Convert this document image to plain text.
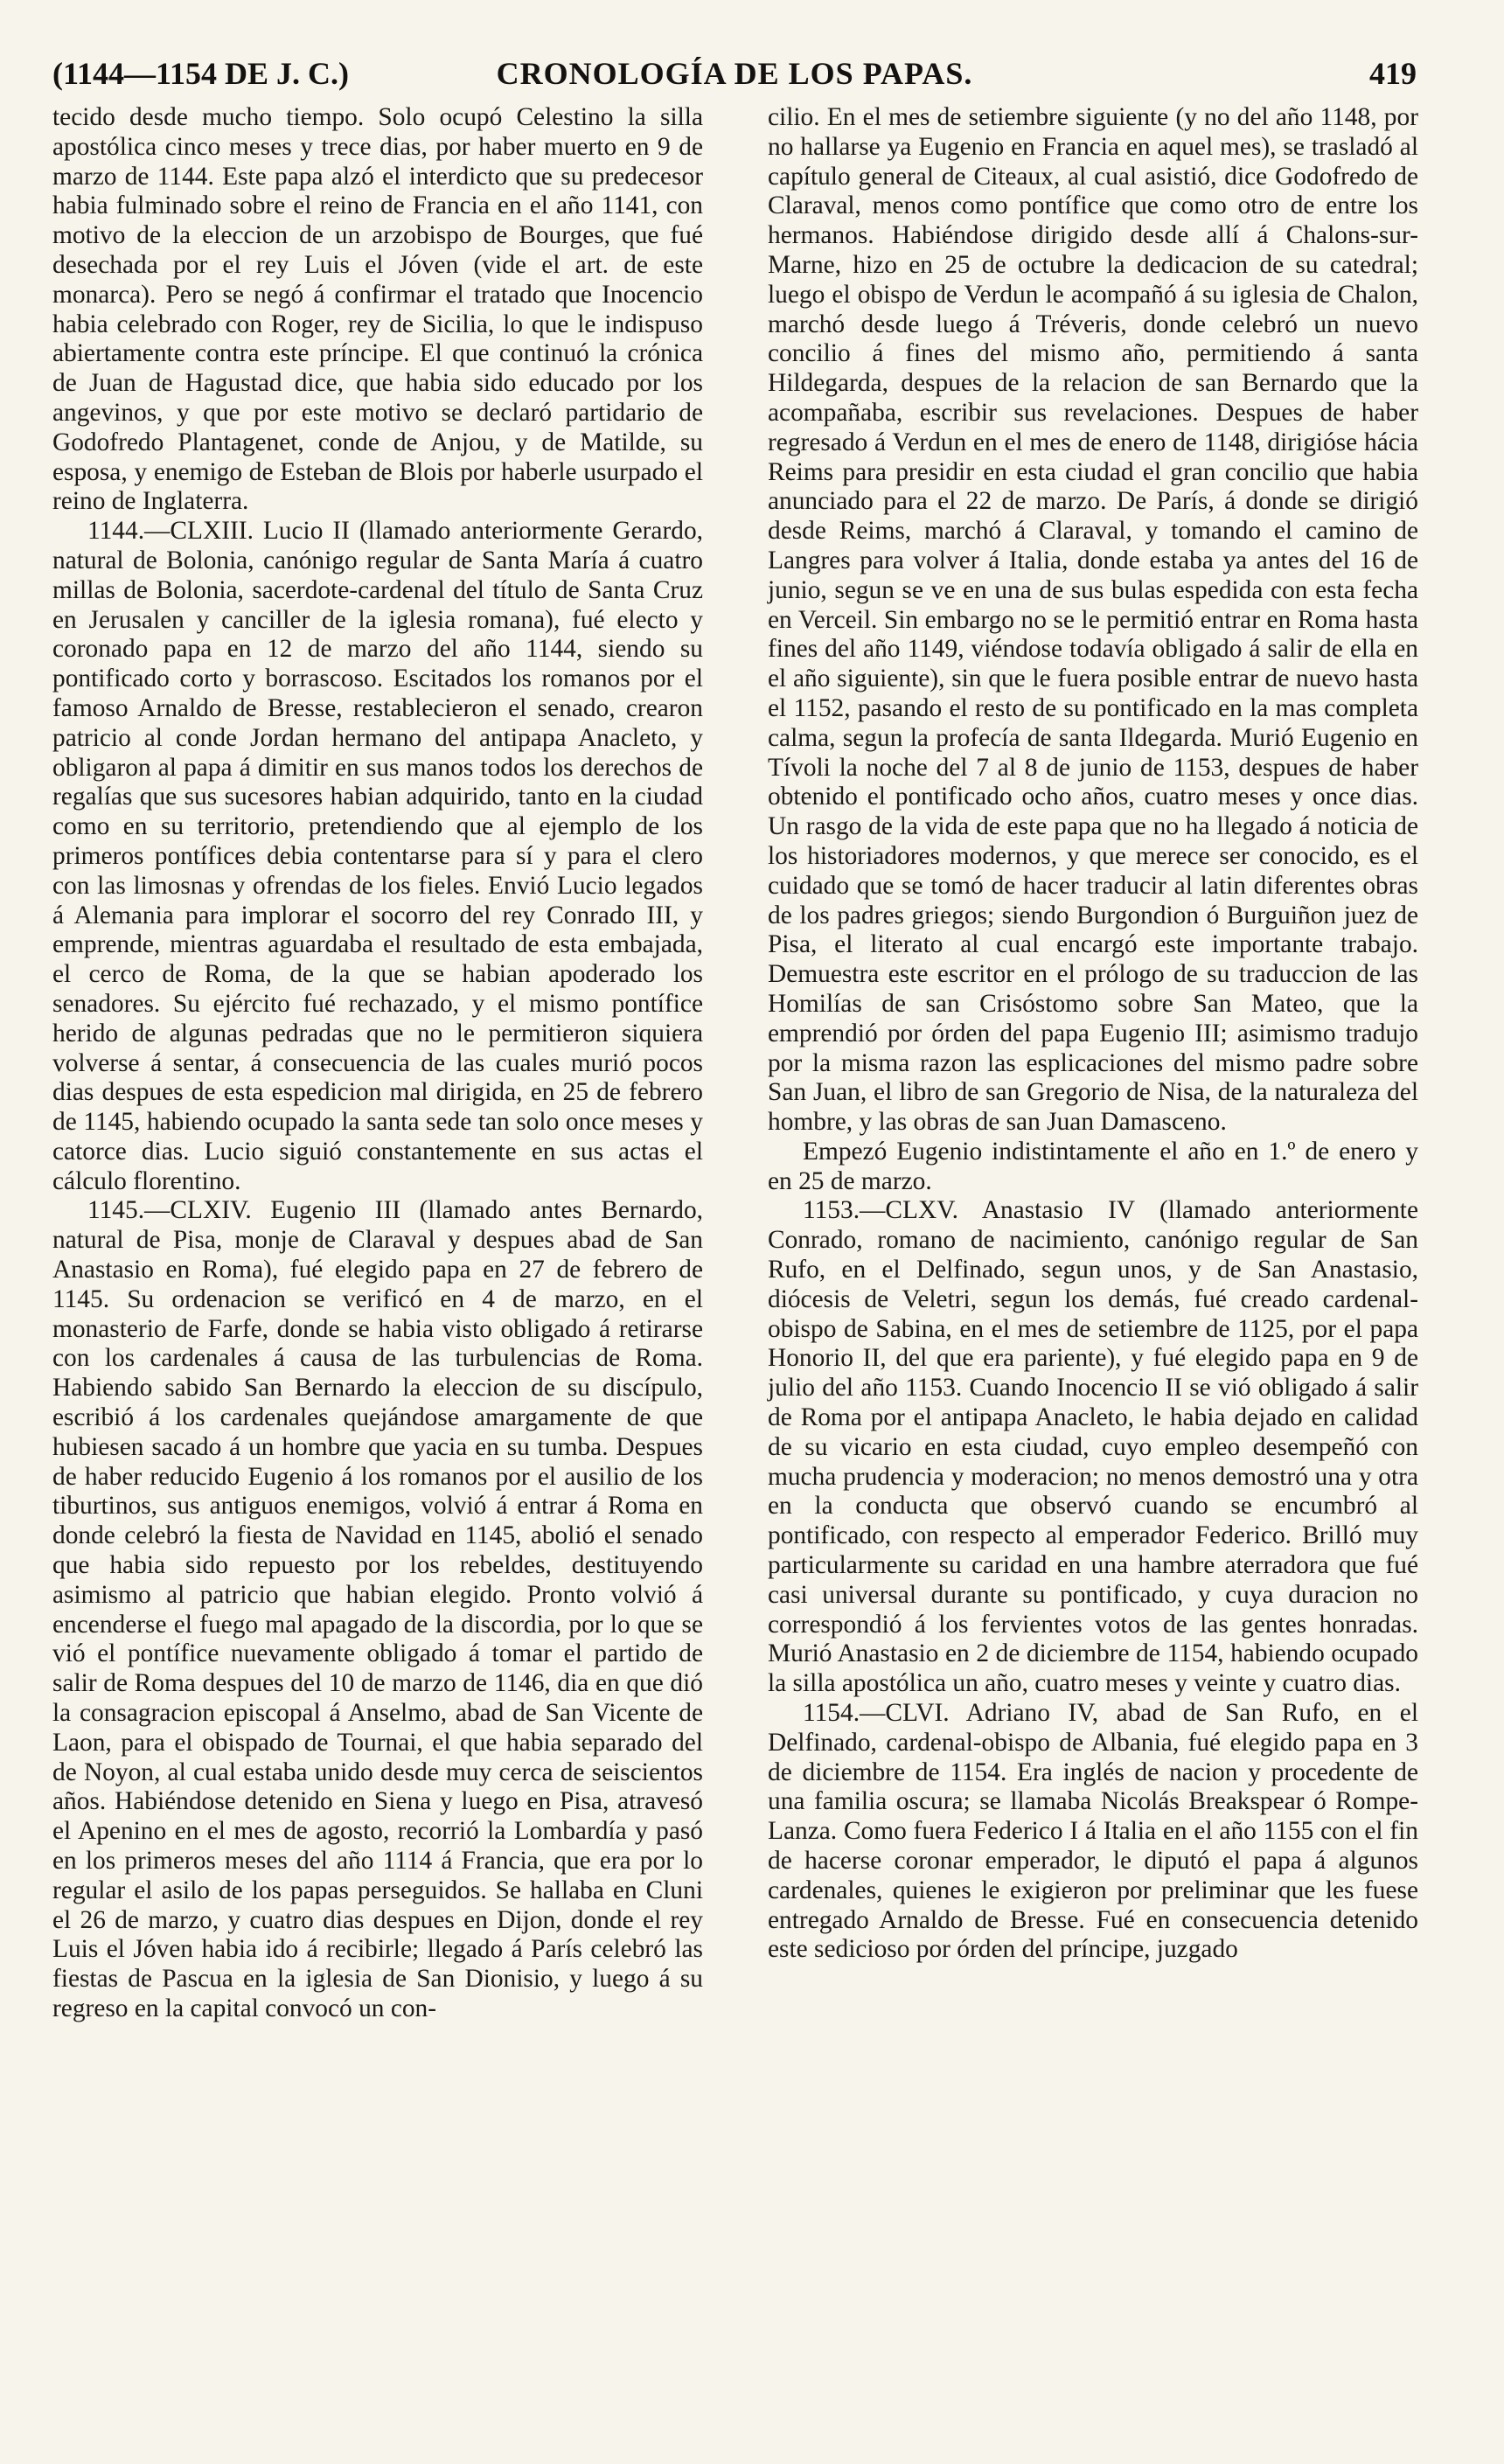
(1144—1154 DE J. C.)	CRONOLOGÍA DE LOS PAPAS.	419

tecido desde mucho tiempo. Solo ocupó Celestino la silla apostólica cinco meses y trece dias, por haber muerto en 9 de marzo de 1144. Este papa alzó el interdicto que su predecesor habia fulminado sobre el reino de Francia en el año 1141, con motivo de la eleccion de un arzobispo de Bourges, que fué desechada por el rey Luis el Jóven (vide el art. de este monarca). Pero se negó á confirmar el tratado que Inocencio habia celebrado con Roger, rey de Sicilia, lo que le indispuso abiertamente contra este príncipe. El que continuó la crónica de Juan de Hagustad dice, que habia sido educado por los angevinos, y que por este motivo se declaró partidario de Godofredo Plantagenet, conde de Anjou, y de Matilde, su esposa, y enemigo de Esteban de Blois por haberle usurpado el reino de Inglaterra.

1144.—CLXIII. Lucio II (llamado anteriormente Gerardo, natural de Bolonia, canónigo regular de Santa María á cuatro millas de Bolonia, sacerdote-cardenal del título de Santa Cruz en Jerusalen y canciller de la iglesia romana), fué electo y coronado papa en 12 de marzo del año 1144, siendo su pontificado corto y borrascoso. Escitados los romanos por el famoso Arnaldo de Bresse, restablecieron el senado, crearon patricio al conde Jordan hermano del antipapa Anacleto, y obligaron al papa á dimitir en sus manos todos los derechos de regalías que sus sucesores habian adquirido, tanto en la ciudad como en su territorio, pretendiendo que al ejemplo de los primeros pontífices debia contentarse para sí y para el clero con las limosnas y ofrendas de los fieles. Envió Lucio legados á Alemania para implorar el socorro del rey Conrado III, y emprende, mientras aguardaba el resultado de esta embajada, el cerco de Roma, de la que se habian apoderado los senadores. Su ejército fué rechazado, y el mismo pontífice herido de algunas pedradas que no le permitieron siquiera volverse á sentar, á consecuencia de las cuales murió pocos dias despues de esta espedicion mal dirigida, en 25 de febrero de 1145, habiendo ocupado la santa sede tan solo once meses y catorce dias. Lucio siguió constantemente en sus actas el cálculo florentino.

1145.—CLXIV. Eugenio III (llamado antes Bernardo, natural de Pisa, monje de Claraval y despues abad de San Anastasio en Roma), fué elegido papa en 27 de febrero de 1145. Su ordenacion se verificó en 4 de marzo, en el monasterio de Farfe, donde se habia visto obligado á retirarse con los cardenales á causa de las turbulencias de Roma. Habiendo sabido San Bernardo la eleccion de su discípulo, escribió á los cardenales quejándose amargamente de que hubiesen sacado á un hombre que yacia en su tumba. Despues de haber reducido Eugenio á los romanos por el ausilio de los tiburtinos, sus antiguos enemigos, volvió á entrar á Roma en donde celebró la fiesta de Navidad en 1145, abolió el senado que habia sido repuesto por los rebeldes, destituyendo asimismo al patricio que habian elegido. Pronto volvió á encenderse el fuego mal apagado de la discordia, por lo que se vió el pontífice nuevamente obligado á tomar el partido de salir de Roma despues del 10 de marzo de 1146, dia en que dió la consagracion episcopal á Anselmo, abad de San Vicente de Laon, para el obispado de Tournai, el que habia separado del de Noyon, al cual estaba unido desde muy cerca de seiscientos años. Habiéndose detenido en Siena y luego en Pisa, atravesó el Apenino en el mes de agosto, recorrió la Lombardía y pasó en los primeros meses del año 1114 á Francia, que era por lo regular el asilo de los papas perseguidos. Se hallaba en Cluni el 26 de marzo, y cuatro dias despues en Dijon, donde el rey Luis el Jóven habia ido á recibirle; llegado á París celebró las fiestas de Pascua en la iglesia de San Dionisio, y luego á su regreso en la capital convocó un con-

cilio. En el mes de setiembre siguiente (y no del año 1148, por no hallarse ya Eugenio en Francia en aquel mes), se trasladó al capítulo general de Citeaux, al cual asistió, dice Godofredo de Claraval, menos como pontífice que como otro de entre los hermanos. Habiéndose dirigido desde allí á Chalons-sur-Marne, hizo en 25 de octubre la dedicacion de su catedral; luego el obispo de Verdun le acompañó á su iglesia de Chalon, marchó desde luego á Tréveris, donde celebró un nuevo concilio á fines del mismo año, permitiendo á santa Hildegarda, despues de la relacion de san Bernardo que la acompañaba, escribir sus revelaciones. Despues de haber regresado á Verdun en el mes de enero de 1148, dirigióse hácia Reims para presidir en esta ciudad el gran concilio que habia anunciado para el 22 de marzo. De París, á donde se dirigió desde Reims, marchó á Claraval, y tomando el camino de Langres para volver á Italia, donde estaba ya antes del 16 de junio, segun se ve en una de sus bulas espedida con esta fecha en Verceil. Sin embargo no se le permitió entrar en Roma hasta fines del año 1149, viéndose todavía obligado á salir de ella en el año siguiente), sin que le fuera posible entrar de nuevo hasta el 1152, pasando el resto de su pontificado en la mas completa calma, segun la profecía de santa Ildegarda. Murió Eugenio en Tívoli la noche del 7 al 8 de junio de 1153, despues de haber obtenido el pontificado ocho años, cuatro meses y once dias. Un rasgo de la vida de este papa que no ha llegado á noticia de los historiadores modernos, y que merece ser conocido, es el cuidado que se tomó de hacer traducir al latin diferentes obras de los padres griegos; siendo Burgondion ó Burguiñon juez de Pisa, el literato al cual encargó este importante trabajo. Demuestra este escritor en el prólogo de su traduccion de las Homilías de san Crisóstomo sobre San Mateo, que la emprendió por órden del papa Eugenio III; asimismo tradujo por la misma razon las esplicaciones del mismo padre sobre San Juan, el libro de san Gregorio de Nisa, de la naturaleza del hombre, y las obras de san Juan Damasceno.

Empezó Eugenio indistintamente el año en 1.º de enero y en 25 de marzo.

1153.—CLXV. Anastasio IV (llamado anteriormente Conrado, romano de nacimiento, canónigo regular de San Rufo, en el Delfinado, segun unos, y de San Anastasio, diócesis de Veletri, segun los demás, fué creado cardenal-obispo de Sabina, en el mes de setiembre de 1125, por el papa Honorio II, del que era pariente), y fué elegido papa en 9 de julio del año 1153. Cuando Inocencio II se vió obligado á salir de Roma por el antipapa Anacleto, le habia dejado en calidad de su vicario en esta ciudad, cuyo empleo desempeñó con mucha prudencia y moderacion; no menos demostró una y otra en la conducta que observó cuando se encumbró al pontificado, con respecto al emperador Federico. Brilló muy particularmente su caridad en una hambre aterradora que fué casi universal durante su pontificado, y cuya duracion no correspondió á los fervientes votos de las gentes honradas. Murió Anastasio en 2 de diciembre de 1154, habiendo ocupado la silla apostólica un año, cuatro meses y veinte y cuatro dias.

1154.—CLVI. Adriano IV, abad de San Rufo, en el Delfinado, cardenal-obispo de Albania, fué elegido papa en 3 de diciembre de 1154. Era inglés de nacion y procedente de una familia oscura; se llamaba Nicolás Breakspear ó Rompe-Lanza. Como fuera Federico I á Italia en el año 1155 con el fin de hacerse coronar emperador, le diputó el papa á algunos cardenales, quienes le exigieron por preliminar que les fuese entregado Arnaldo de Bresse. Fué en consecuencia detenido este sedicioso por órden del príncipe, juzgado
